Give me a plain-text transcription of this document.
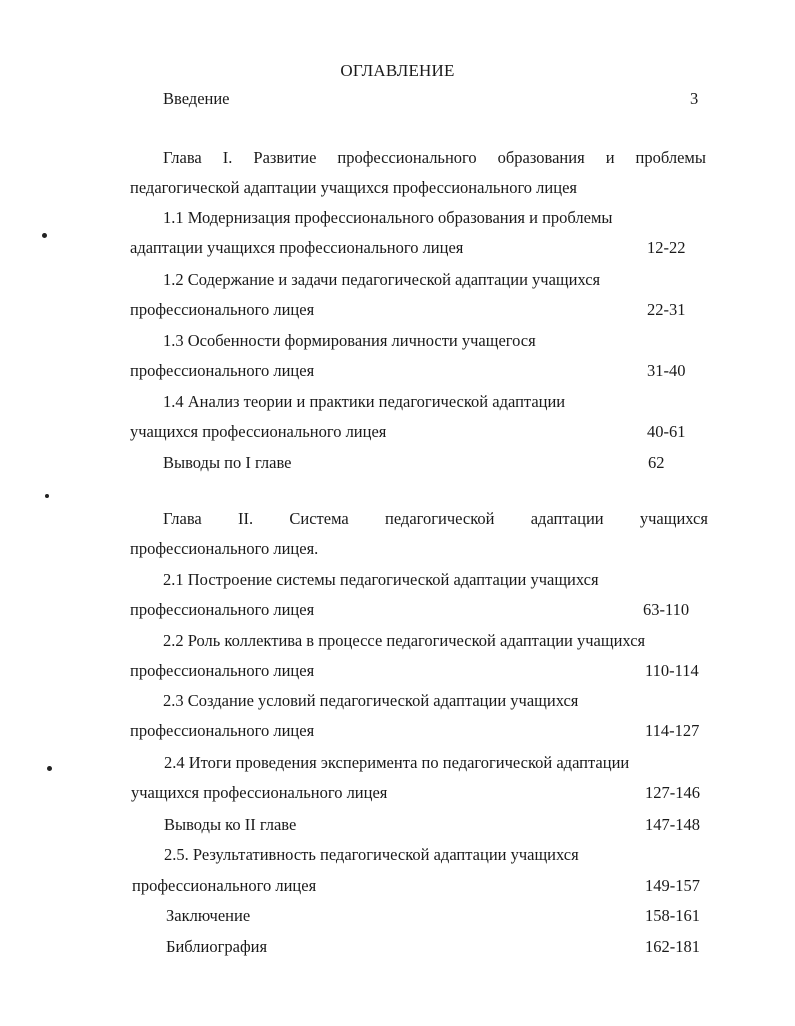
ОГЛАВЛЕНИЕ
Введение	3
Глава I. Развитие профессионального образования и проблемы
педагогической адаптации учащихся профессионального лицея
1.1 Модернизация профессионального образования и проблемы
адаптации учащихся профессионального лицея	12-22
1.2 Содержание и задачи педагогической адаптации учащихся
профессионального лицея	22-31
1.3 Особенности формирования личности учащегося
профессионального лицея	31-40
1.4 Анализ теории и практики педагогической адаптации
учащихся профессионального лицея	40-61
Выводы по I главе	62
Глава II. Система педагогической адаптации учащихся
профессионального лицея.
2.1 Построение системы педагогической адаптации учащихся
профессионального лицея	63-110
2.2 Роль коллектива в процессе педагогической адаптации учащихся
профессионального лицея	110-114
2.3 Создание условий педагогической адаптации учащихся
профессионального лицея	114-127
2.4 Итоги проведения эксперимента по педагогической адаптации
учащихся профессионального лицея	127-146
Выводы ко II главе	147-148
2.5. Результативность педагогической адаптации учащихся
профессионального лицея	149-157
Заключение	158-161
Библиография	162-181
